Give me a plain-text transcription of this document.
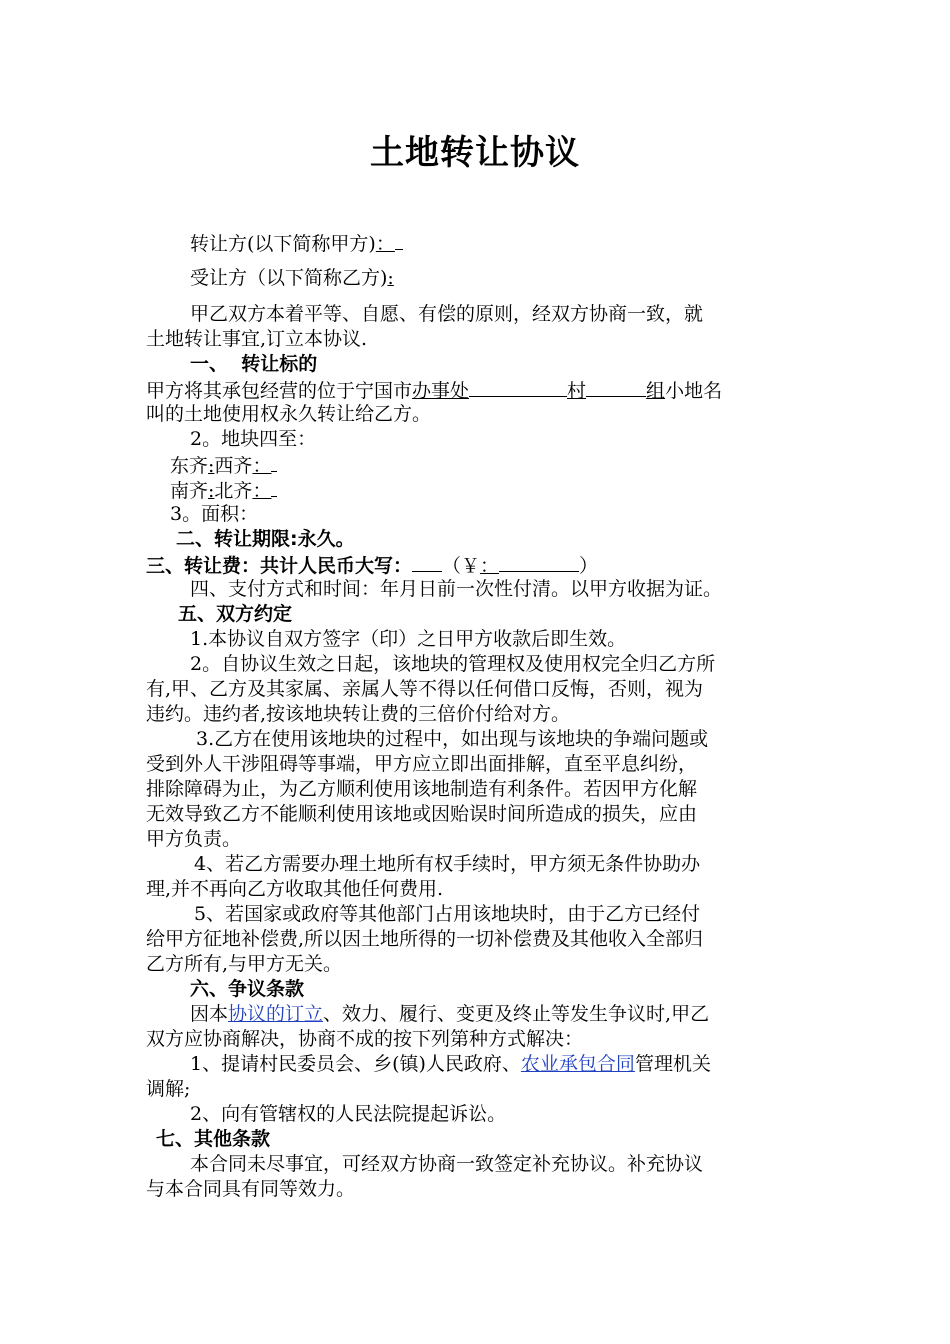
土地转让协议
转让方(以下简称甲方)：
受让方（以下简称乙方):
甲乙双方本着平等、自愿、有偿的原则，经双方协商一致，就
土地转让事宜,订立本协议.
一、  转让标的
甲方将其承包经营的位于宁国市办事处	村	组小地名
叫的土地使用权永久转让给乙方。
2。地块四至：
东齐:西齐：
南齐:北齐：
3。面积：
二、转让期限:永久。
三、转让费：共计人民币大写： （￥：	）
四、支付方式和时间：年月日前一次性付清。以甲方收据为证。
五、双方约定
1.本协议自双方签字（印）之日甲方收款后即生效。
2。自协议生效之日起，该地块的管理权及使用权完全归乙方所
有,甲、乙方及其家属、亲属人等不得以任何借口反悔，否则，视为
违约。违约者,按该地块转让费的三倍价付给对方。
3.乙方在使用该地块的过程中，如出现与该地块的争端问题或
受到外人干涉阻碍等事端，甲方应立即出面排解，直至平息纠纷，
排除障碍为止，为乙方顺利使用该地制造有利条件。若因甲方化解
无效导致乙方不能顺利使用该地或因贻误时间所造成的损失，应由
甲方负责。
4、若乙方需要办理土地所有权手续时，甲方须无条件协助办
理,并不再向乙方收取其他任何费用.
5、若国家或政府等其他部门占用该地块时，由于乙方已经付
给甲方征地补偿费,所以因土地所得的一切补偿费及其他收入全部归
乙方所有,与甲方无关。
六、争议条款
因本协议的订立、效力、履行、变更及终止等发生争议时,甲乙
双方应协商解决，协商不成的按下列第种方式解决：
1、提请村民委员会、乡(镇)人民政府、农业承包合同管理机关
调解;
2、向有管辖权的人民法院提起诉讼。
七、其他条款
本合同未尽事宜，可经双方协商一致签定补充协议。补充协议
与本合同具有同等效力。
